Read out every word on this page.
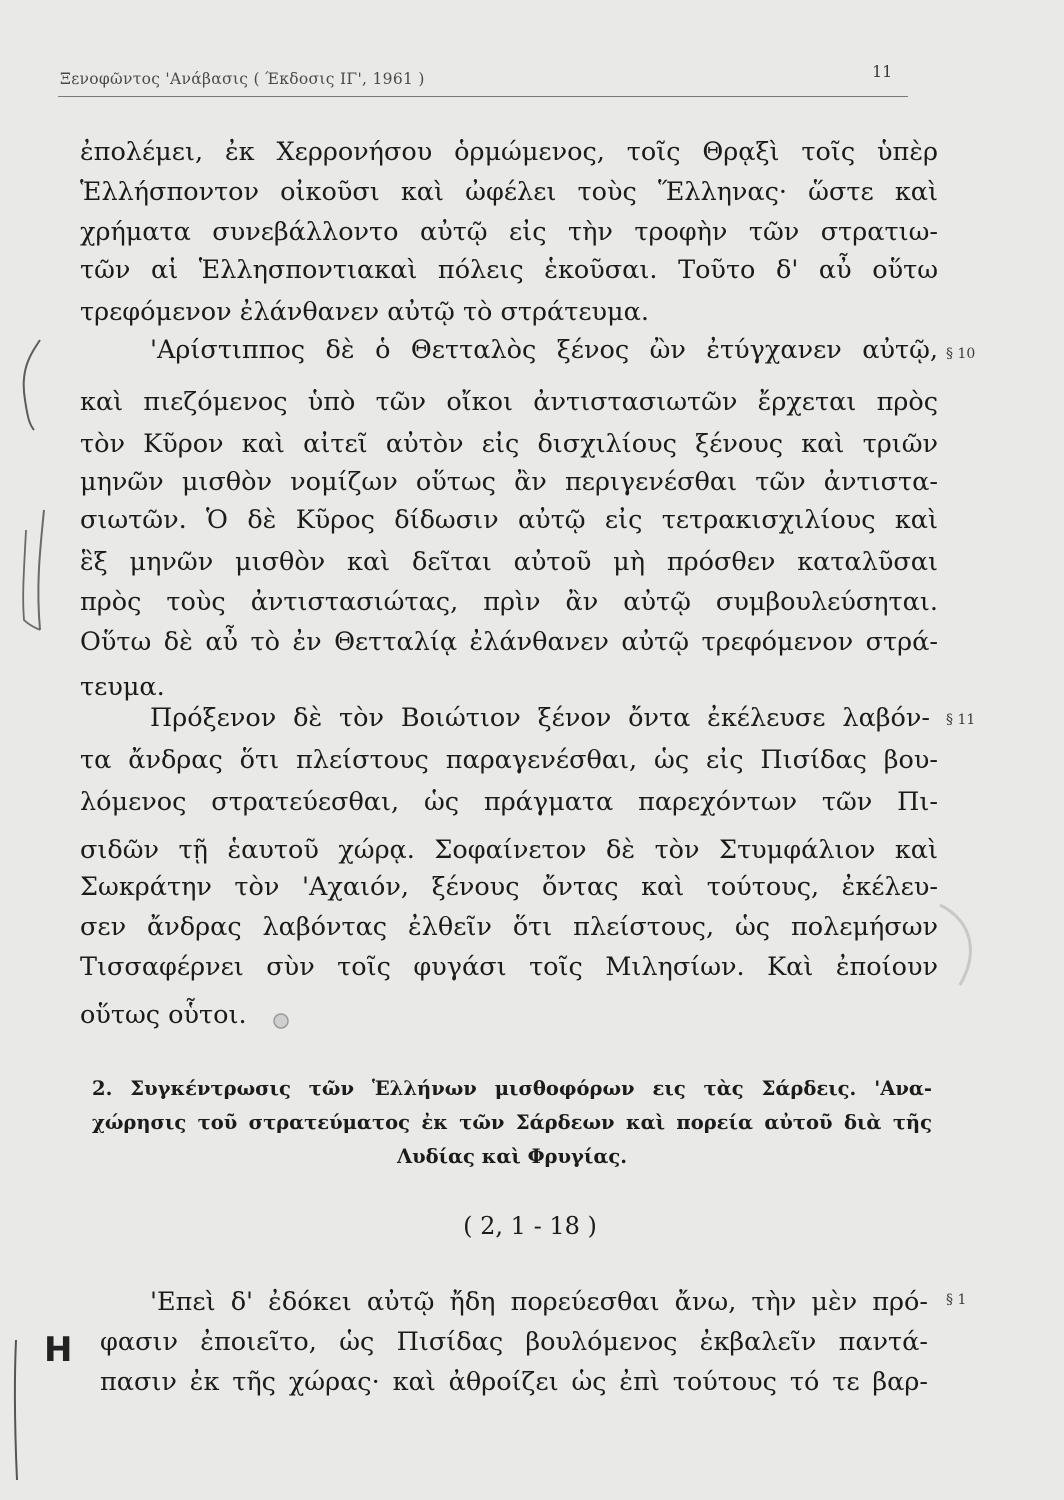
Ξενοφῶντος 'Ανάβασις ( Έκδοσις ΙΓ', 1961 )	11
ἐπολέμει, ἐκ Χερρονήσου ὁρμώμενος, τοῖς Θρᾳξὶ τοῖς ὑπὲρ
Ἑλλήσποντον οἰκοῦσι καὶ ὠφέλει τοὺς Ἕλληνας· ὥστε καὶ
χρήματα συνεβάλλοντο αὐτῷ εἰς τὴν τροφὴν τῶν στρατιω-
τῶν αἱ Ἑλλησποντιακαὶ πόλεις ἑκοῦσαι. Τοῦτο δ' αὖ οὕτω
τρεφόμενον ἐλάνθανεν αὐτῷ τὸ στράτευμα.
'Αρίστιππος δὲ ὁ Θετταλὸς ξένος ὢν ἐτύγχανεν αὐτῷ, § 10
καὶ πιεζόμενος ὑπὸ τῶν οἴκοι ἀντιστασιωτῶν ἔρχεται πρὸς
τὸν Κῦρον καὶ αἰτεῖ αὐτὸν εἰς δισχιλίους ξένους καὶ τριῶν
μηνῶν μισθὸν νομίζων οὕτως ἂν περιγενέσθαι τῶν ἀντιστα-
σιωτῶν. Ὁ δὲ Κῦρος δίδωσιν αὐτῷ εἰς τετρακισχιλίους καὶ
ἓξ μηνῶν μισθὸν καὶ δεῖται αὐτοῦ μὴ πρόσθεν καταλῦσαι
πρὸς τοὺς ἀντιστασιώτας, πρὶν ἂν αὐτῷ συμβουλεύσηται.
Οὕτω δὲ αὖ τὸ ἐν Θετταλίᾳ ἐλάνθανεν αὐτῷ τρεφόμενον στρά-
τευμα.
Πρόξενον δὲ τὸν Βοιώτιον ξένον ὄντα ἐκέλευσε λαβόν- § 11
τα ἄνδρας ὅτι πλείστους παραγενέσθαι, ὡς εἰς Πισίδας βου-
λόμενος στρατεύεσθαι, ὡς πράγματα παρεχόντων τῶν Πι-
σιδῶν τῇ ἑαυτοῦ χώρᾳ. Σοφαίνετον δὲ τὸν Στυμφάλιον καὶ
Σωκράτην τὸν 'Αχαιόν, ξένους ὄντας καὶ τούτους, ἐκέλευ-
σεν ἄνδρας λαβόντας ἐλθεῖν ὅτι πλείστους, ὡς πολεμήσων
Τισσαφέρνει σὺν τοῖς φυγάσι τοῖς Μιλησίων. Καὶ ἐποίουν
οὕτως οὗτοι.
2. Συγκέντρωσις τῶν Ἑλλήνων μισθοφόρων εις τὰς Σάρδεις. 'Ανα-
χώρησις τοῦ στρατεύματος ἐκ τῶν Σάρδεων καὶ πορεία αὐτοῦ διὰ τῆς
Λυδίας καὶ Φρυγίας.
( 2, 1 - 18 )
'Επεὶ δ' ἐδόκει αὐτῷ ἤδη πορεύεσθαι ἄνω, τὴν μὲν πρό- § 1
φασιν ἐποιεῖτο, ὡς Πισίδας βουλόμενος ἐκβαλεῖν παντά-
πασιν ἐκ τῆς χώρας· καὶ ἀθροίζει ὡς ἐπὶ τούτους τό τε βαρ-
Η
